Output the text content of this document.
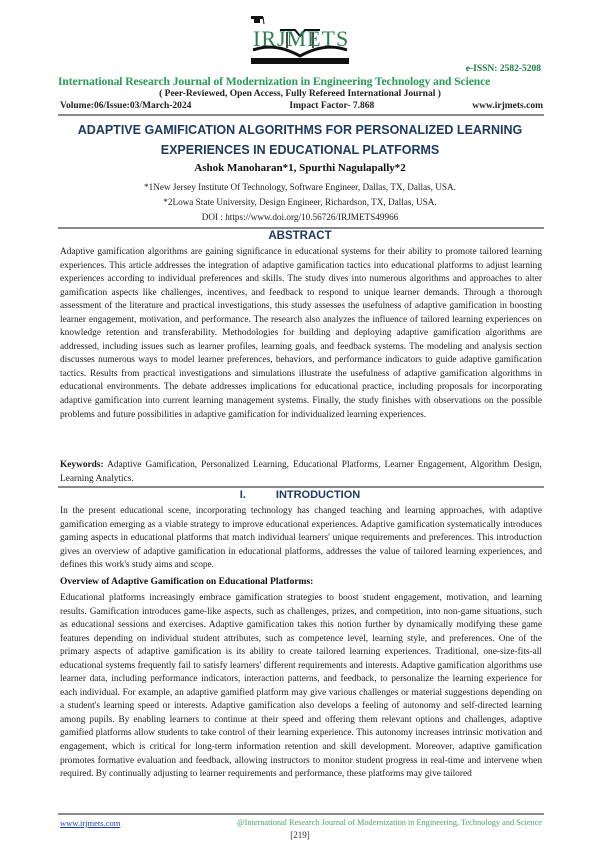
IRJMETS
e-ISSN: 2582-5208
International Research Journal of Modernization in Engineering Technology and Science
( Peer-Reviewed, Open Access, Fully Refereed International Journal )
Volume:06/Issue:03/March-2024	Impact Factor- 7.868	www.irjmets.com
ADAPTIVE GAMIFICATION ALGORITHMS FOR PERSONALIZED LEARNING
EXPERIENCES IN EDUCATIONAL PLATFORMS
Ashok Manoharan*1, Spurthi Nagulapally*2
*1New Jersey Institute Of Technology, Software Engineer, Dallas, TX, Dallas, USA.
*2Lowa State University, Design Engineer, Richardson, TX, Dallas, USA.
DOI : https://www.doi.org/10.56726/IRJMETS49966
ABSTRACT
Adaptive gamification algorithms are gaining significance in educational systems for their ability to promote tailored learning experiences. This article addresses the integration of adaptive gamification tactics into educational platforms to adjust learning experiences according to individual preferences and skills. The study dives into numerous algorithms and approaches to alter gamification aspects like challenges, incentives, and feedback to respond to unique learner demands. Through a thorough assessment of the literature and practical investigations, this study assesses the usefulness of adaptive gamification in boosting learner engagement, motivation, and performance. The research also analyzes the influence of tailored learning experiences on knowledge retention and transferability. Methodologies for building and deploying adaptive gamification algorithms are addressed, including issues such as learner profiles, learning goals, and feedback systems. The modeling and analysis section discusses numerous ways to model learner preferences, behaviors, and performance indicators to guide adaptive gamification tactics. Results from practical investigations and simulations illustrate the usefulness of adaptive gamification algorithms in educational environments. The debate addresses implications for educational practice, including proposals for incorporating adaptive gamification into current learning management systems. Finally, the study finishes with observations on the possible problems and future possibilities in adaptive gamification for individualized learning experiences.
Keywords: Adaptive Gamification, Personalized Learning, Educational Platforms, Learner Engagement, Algorithm Design, Learning Analytics.
I.	INTRODUCTION
In the present educational scene, incorporating technology has changed teaching and learning approaches, with adaptive gamification emerging as a viable strategy to improve educational experiences. Adaptive gamification systematically introduces gaming aspects in educational platforms that match individual learners' unique requirements and preferences. This introduction gives an overview of adaptive gamification in educational platforms, addresses the value of tailored learning experiences, and defines this work's study aims and scope.
Overview of Adaptive Gamification on Educational Platforms:
Educational platforms increasingly embrace gamification strategies to boost student engagement, motivation, and learning results. Gamification introduces game-like aspects, such as challenges, prizes, and competition, into non-game situations, such as educational sessions and exercises. Adaptive gamification takes this notion further by dynamically modifying these game features depending on individual student attributes, such as competence level, learning style, and preferences. One of the primary aspects of adaptive gamification is its ability to create tailored learning experiences. Traditional, one-size-fits-all educational systems frequently fail to satisfy learners' different requirements and interests. Adaptive gamification algorithms use learner data, including performance indicators, interaction patterns, and feedback, to personalize the learning experience for each individual. For example, an adaptive gamified platform may give various challenges or material suggestions depending on a student's learning speed or interests. Adaptive gamification also develops a feeling of autonomy and self-directed learning among pupils. By enabling learners to continue at their speed and offering them relevant options and challenges, adaptive gamified platforms allow students to take control of their learning experience. This autonomy increases intrinsic motivation and engagement, which is critical for long-term information retention and skill development. Moreover, adaptive gamification promotes formative evaluation and feedback, allowing instructors to monitor student progress in real-time and intervene when required. By continually adjusting to learner requirements and performance, these platforms may give tailored
www.irjmets.com	@International Research Journal of Modernization in Engineering, Technology and Science
[219]
